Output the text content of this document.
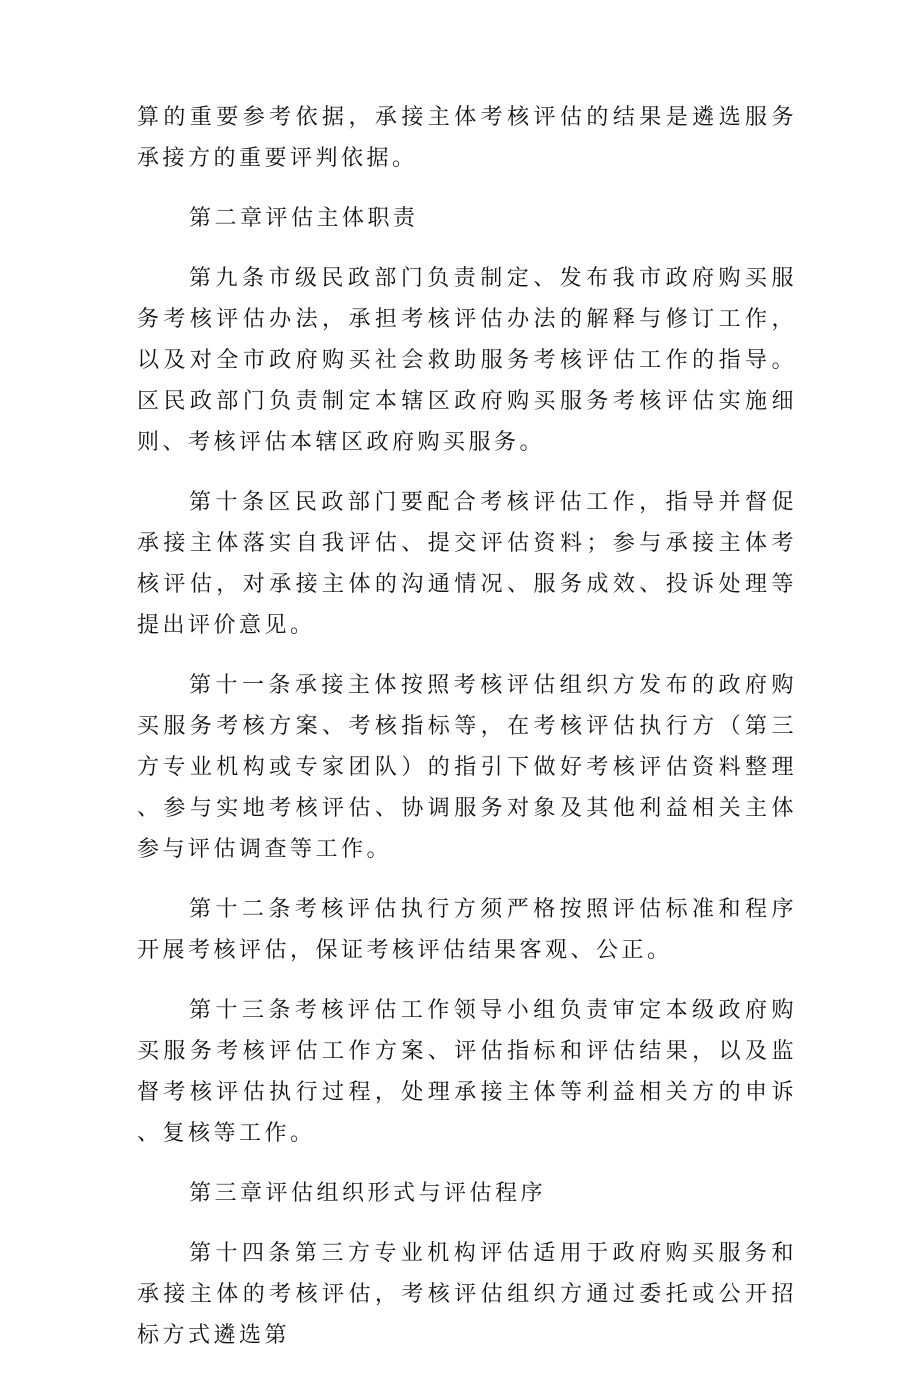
算的重要参考依据，承接主体考核评估的结果是遴选服务承接方的重要评判依据。

第二章评估主体职责

第九条市级民政部门负责制定、发布我市政府购买服务考核评估办法，承担考核评估办法的解释与修订工作，以及对全市政府购买社会救助服务考核评估工作的指导。区民政部门负责制定本辖区政府购买服务考核评估实施细则、考核评估本辖区政府购买服务。

第十条区民政部门要配合考核评估工作，指导并督促承接主体落实自我评估、提交评估资料；参与承接主体考核评估，对承接主体的沟通情况、服务成效、投诉处理等提出评价意见。

第十一条承接主体按照考核评估组织方发布的政府购买服务考核方案、考核指标等，在考核评估执行方（第三方专业机构或专家团队）的指引下做好考核评估资料整理、参与实地考核评估、协调服务对象及其他利益相关主体参与评估调查等工作。

第十二条考核评估执行方须严格按照评估标准和程序开展考核评估，保证考核评估结果客观、公正。

第十三条考核评估工作领导小组负责审定本级政府购买服务考核评估工作方案、评估指标和评估结果，以及监督考核评估执行过程，处理承接主体等利益相关方的申诉、复核等工作。

第三章评估组织形式与评估程序

第十四条第三方专业机构评估适用于政府购买服务和承接主体的考核评估，考核评估组织方通过委托或公开招标方式遴选第
